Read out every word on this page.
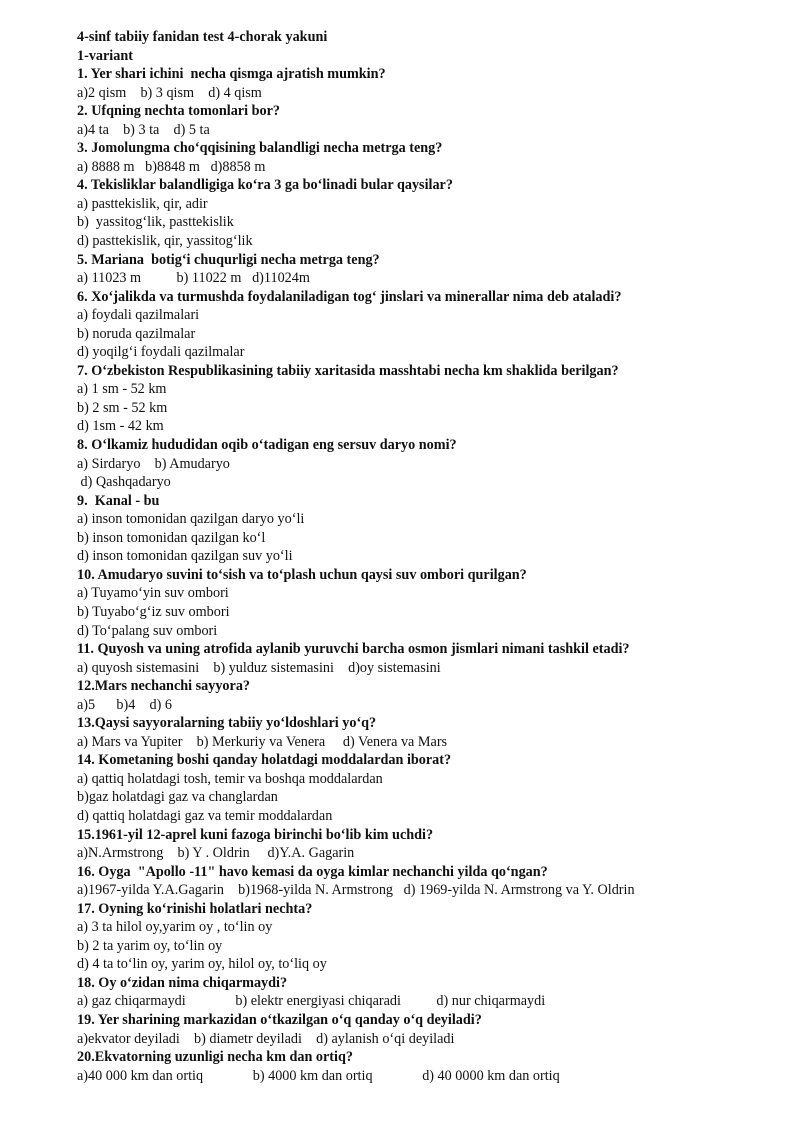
4-sinf tabiiy fanidan test 4-chorak yakuni
1-variant
1. Yer shari ichini  necha qismga ajratish mumkin?
a)2 qism    b) 3 qism    d) 4 qism
2. Ufqning nechta tomonlari bor?
a)4 ta    b) 3 ta    d) 5 ta
3. Jomolungma choʻqqisining balandligi necha metrga teng?
a) 8888 m   b)8848 m   d)8858 m
4. Tekisliklar balandligiga koʻra 3 ga boʻlinadi bular qaysilar?
a) pasttekislik, qir, adir
b)  yassitogʻlik, pasttekislik
d) pasttekislik, qir, yassitogʻlik
5. Mariana  botigʻi chuqurligi necha metrga teng?
a) 11023 m          b) 11022 m   d)11024m
6. Xoʻjalikda va turmushda foydalaniladigan togʻ jinslari va minerallar nima deb ataladi?
a) foydali qazilmalari
b) noruda qazilmalar
d) yoqilgʻi foydali qazilmalar
7. Oʻzbekiston Respublikasining tabiiy xaritasida masshtabi necha km shaklida berilgan?
a) 1 sm - 52 km
b) 2 sm - 52 km
d) 1sm - 42 km
8. Oʻlkamiz hududidan oqib oʻtadigan eng sersuv daryo nomi?
a) Sirdaryo    b) Amudaryo
d) Qashqadaryo
9.  Kanal - bu
a) inson tomonidan qazilgan daryo yoʻli
b) inson tomonidan qazilgan koʻl
d) inson tomonidan qazilgan suv yoʻli
10. Amudaryo suvini toʻsish va toʻplash uchun qaysi suv ombori qurilgan?
a) Tuyamoʻyin suv ombori
b) Tuyaboʻgʻiz suv ombori
d) Toʻpalang suv ombori
11. Quyosh va uning atrofida aylanib yuruvchi barcha osmon jismlari nimani tashkil etadi?
a) quyosh sistemasini    b) yulduz sistemasini    d)oy sistemasini
12.Mars nechanchi sayyora?
a)5      b)4    d) 6
13.Qaysi sayyoralarning tabiiy yoʻldoshlari yoʻq?
a) Mars va Yupiter    b) Merkuriy va Venera     d) Venera va Mars
14. Kometaning boshi qanday holatdagi moddalardan iborat?
a) qattiq holatdagi tosh, temir va boshqa moddalardan
b)gaz holatdagi gaz va changlardan
d) qattiq holatdagi gaz va temir moddalardan
15.1961-yil 12-aprel kuni fazoga birinchi boʻlib kim uchdi?
a)N.Armstrong    b) Y . Oldrin     d)Y.A. Gagarin
16. Oyga  "Apollo -11" havo kemasi da oyga kimlar nechanchi yilda qoʻngan?
a)1967-yilda Y.A.Gagarin    b)1968-yilda N. Armstrong   d) 1969-yilda N. Armstrong va Y. Oldrin
17. Oyning koʻrinishi holatlari nechta?
a) 3 ta hilol oy,yarim oy , toʻlin oy
b) 2 ta yarim oy, toʻlin oy
d) 4 ta toʻlin oy, yarim oy, hilol oy, toʻliq oy
18. Oy oʻzidan nima chiqarmaydi?
a) gaz chiqarmaydi              b) elektr energiyasi chiqaradi          d) nur chiqarmaydi
19. Yer sharining markazidan oʻtkazilgan oʻq qanday oʻq deyiladi?
a)ekvator deyiladi    b) diametr deyiladi    d) aylanish oʻqi deyiladi
20.Ekvatorning uzunligi necha km dan ortiq?
a)40 000 km dan ortiq              b) 4000 km dan ortiq              d) 40 0000 km dan ortiq
